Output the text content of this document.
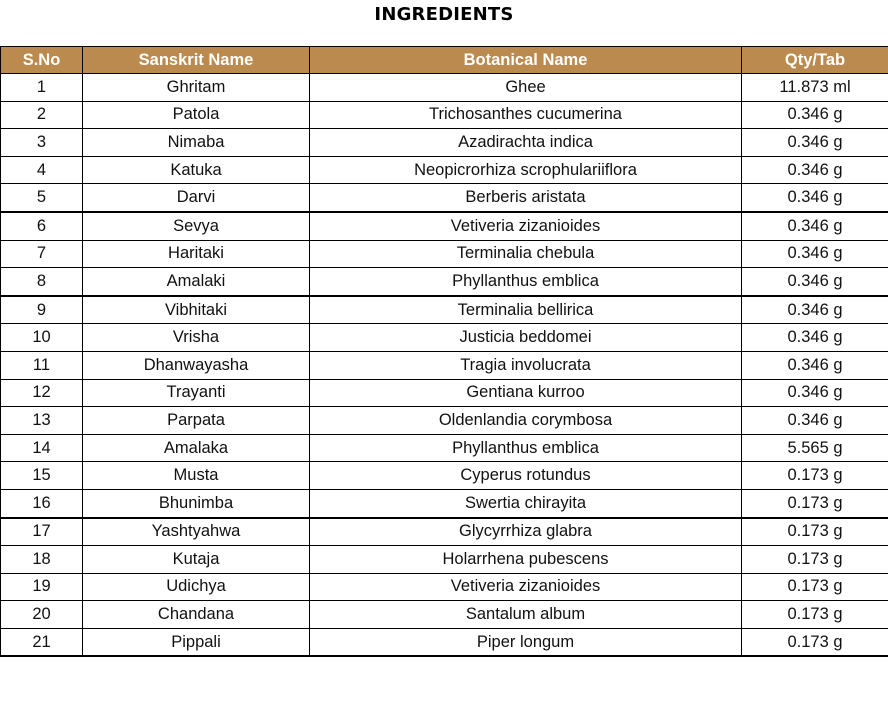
INGREDIENTS
S.No	Sanskrit Name	Botanical Name	Qty/Tab
1	Ghritam	Ghee	11.873 ml
2	Patola	Trichosanthes cucumerina	0.346 g
3	Nimaba	Azadirachta indica	0.346 g
4	Katuka	Neopicrorhiza scrophulariiflora	0.346 g
5	Darvi	Berberis aristata	0.346 g
6	Sevya	Vetiveria zizanioides	0.346 g
7	Haritaki	Terminalia chebula	0.346 g
8	Amalaki	Phyllanthus emblica	0.346 g
9	Vibhitaki	Terminalia bellirica	0.346 g
10	Vrisha	Justicia beddomei	0.346 g
11	Dhanwayasha	Tragia involucrata	0.346 g
12	Trayanti	Gentiana kurroo	0.346 g
13	Parpata	Oldenlandia corymbosa	0.346 g
14	Amalaka	Phyllanthus emblica	5.565 g
15	Musta	Cyperus rotundus	0.173 g
16	Bhunimba	Swertia chirayita	0.173 g
17	Yashtyahwa	Glycyrrhiza glabra	0.173 g
18	Kutaja	Holarrhena pubescens	0.173 g
19	Udichya	Vetiveria zizanioides	0.173 g
20	Chandana	Santalum album	0.173 g
21	Pippali	Piper longum	0.173 g
